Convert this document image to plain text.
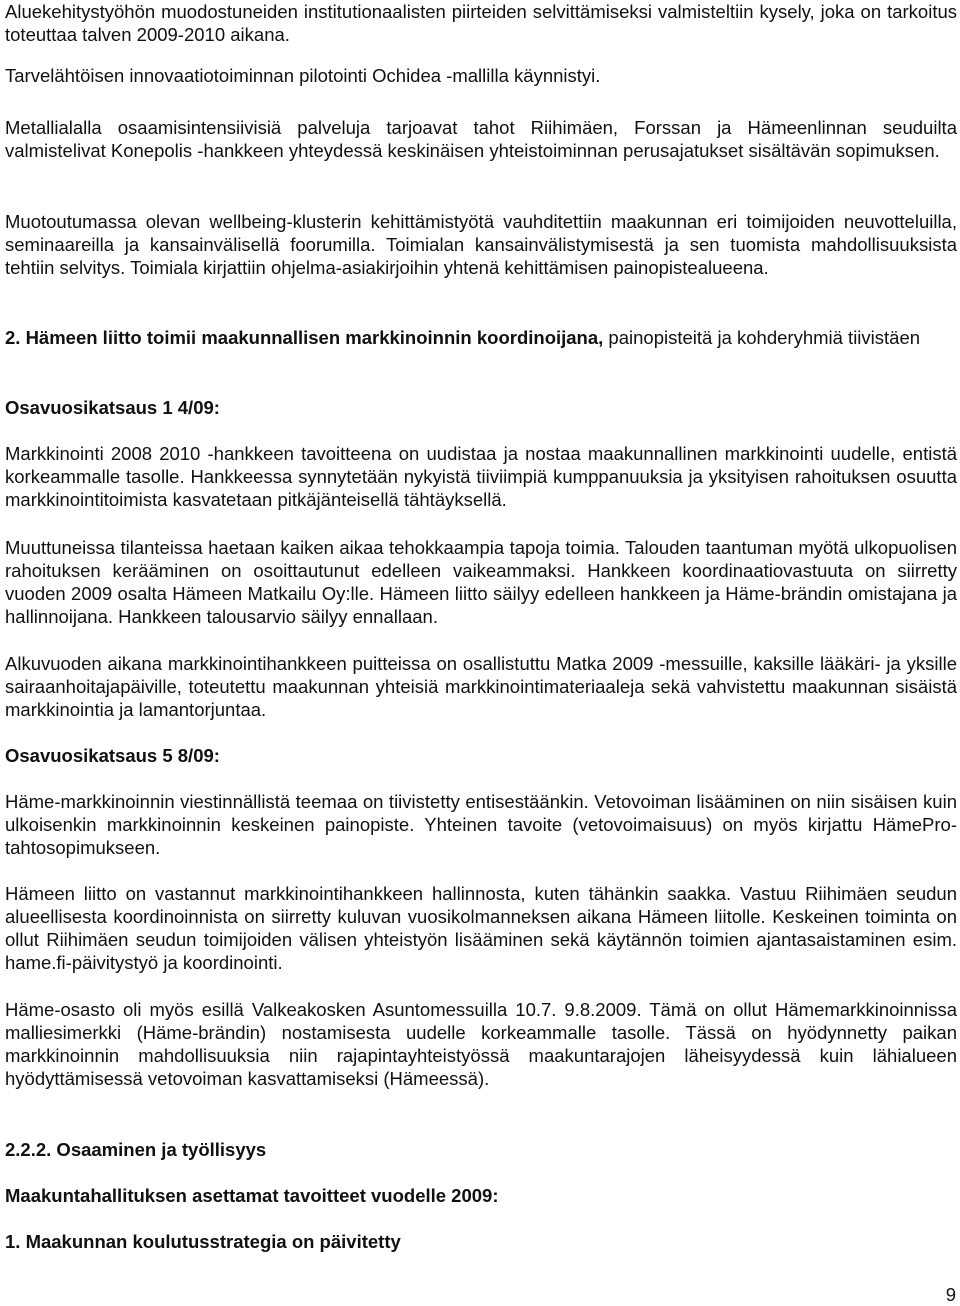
Aluekehitystyöhön muodostuneiden institutionaalisten piirteiden selvittämiseksi valmisteltiin kysely, joka on tarkoitus toteuttaa talven 2009-2010 aikana.

Tarvelähtöisen innovaatiotoiminnan pilotointi Ochidea -mallilla käynnistyi.

Metallialalla osaamisintensiivisiä palveluja tarjoavat tahot Riihimäen, Forssan ja Hämeenlinnan seuduilta valmistelivat Konepolis -hankkeen yhteydessä keskinäisen yhteistoiminnan perusajatukset sisältävän sopimuksen.

Muotoutumassa olevan wellbeing-klusterin kehittämistyötä vauhditettiin maakunnan eri toimijoiden neuvotteluilla, seminaareilla ja kansainvälisellä foorumilla. Toimialan kansainvälistymisestä ja sen tuomista mahdollisuuksista tehtiin selvitys. Toimiala kirjattiin ohjelma-asiakirjoihin yhtenä kehittämisen painopistealueena.

2. Hämeen liitto toimii maakunnallisen markkinoinnin koordinoijana, painopisteitä ja kohderyhmiä tiivistäen

Osavuosikatsaus 1 4/09:

Markkinointi 2008 2010 -hankkeen tavoitteena on uudistaa ja nostaa maakunnallinen markkinointi uudelle, entistä korkeammalle tasolle. Hankkeessa synnytetään nykyistä tiiviimpiä kumppanuuksia ja yksityisen rahoituksen osuutta markkinointitoimista kasvatetaan pitkäjänteisellä tähtäyksellä.

Muuttuneissa tilanteissa haetaan kaiken aikaa tehokkaampia tapoja toimia. Talouden taantuman myötä ulkopuolisen rahoituksen kerääminen on osoittautunut edelleen vaikeammaksi. Hankkeen koordinaatiovastuuta on siirretty vuoden 2009 osalta Hämeen Matkailu Oy:lle. Hämeen liitto säilyy edelleen hankkeen ja Häme-brändin omistajana ja hallinnoijana. Hankkeen talousarvio säilyy ennallaan.

Alkuvuoden aikana markkinointihankkeen puitteissa on osallistuttu Matka 2009 -messuille, kaksille lääkäri- ja yksille sairaanhoitajapäiville, toteutettu maakunnan yhteisiä markkinointimateriaaleja sekä vahvistettu maakunnan sisäistä markkinointia ja lamantorjuntaa.

Osavuosikatsaus 5 8/09:

Häme-markkinoinnin viestinnällistä teemaa on tiivistetty entisestäänkin. Vetovoiman lisääminen on niin sisäisen kuin ulkoisenkin markkinoinnin keskeinen painopiste. Yhteinen tavoite (vetovoimaisuus) on myös kirjattu HämePro-tahtosopimukseen.

Hämeen liitto on vastannut markkinointihankkeen hallinnosta, kuten tähänkin saakka. Vastuu Riihimäen seudun alueellisesta koordinoinnista on siirretty kuluvan vuosikolmanneksen aikana Hämeen liitolle. Keskeinen toiminta on ollut Riihimäen seudun toimijoiden välisen yhteistyön lisääminen sekä käytännön toimien ajantasaistaminen esim. hame.fi-päivitystyö ja koordinointi.

Häme-osasto oli myös esillä Valkeakosken Asuntomessuilla 10.7. 9.8.2009. Tämä on ollut Hämemarkkinoinnissa malliesimerkki (Häme-brändin) nostamisesta uudelle korkeammalle tasolle. Tässä on hyödynnetty paikan markkinoinnin mahdollisuuksia niin rajapintayhteistyössä maakuntarajojen läheisyydessä kuin lähialueen hyödyttämisessä vetovoiman kasvattamiseksi (Hämeessä).

2.2.2. Osaaminen ja työllisyys

Maakuntahallituksen asettamat tavoitteet vuodelle 2009:

1. Maakunnan koulutusstrategia on päivitetty

9
